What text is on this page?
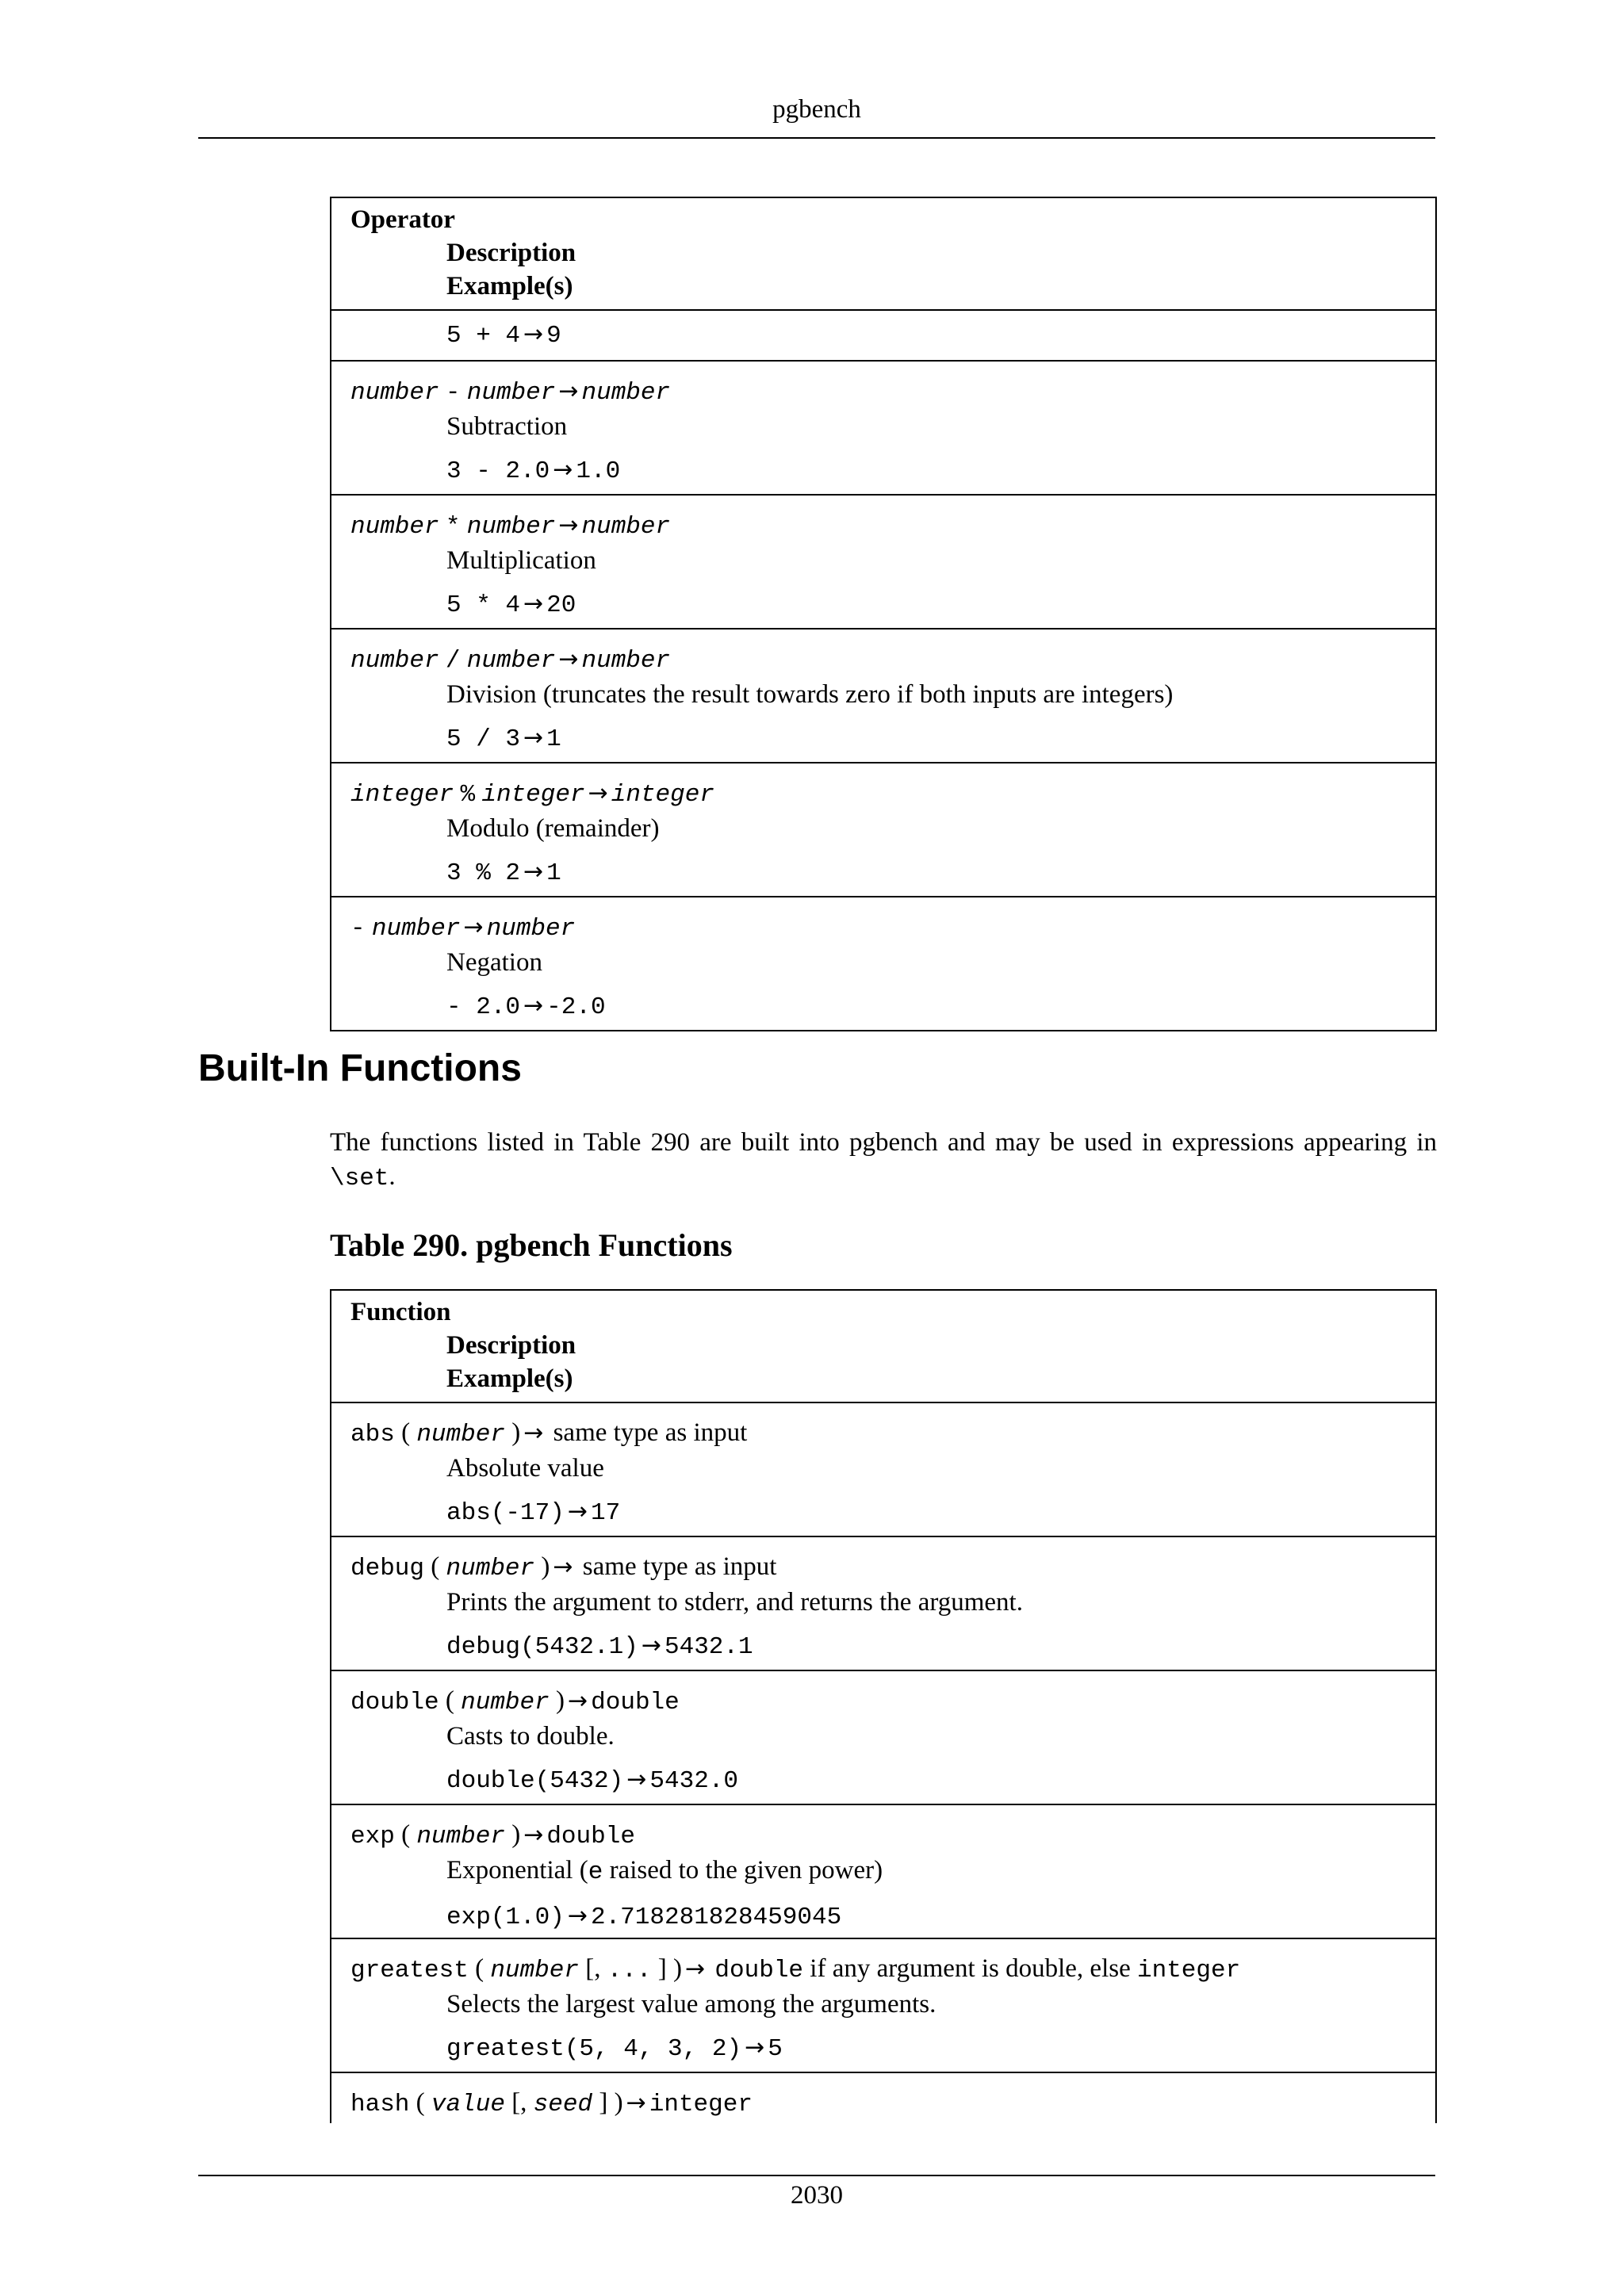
pgbench
Operator
Description
Example(s)

5 + 4 → 9

number - number → number
Subtraction
3 - 2.0 → 1.0

number * number → number
Multiplication
5 * 4 → 20

number / number → number
Division (truncates the result towards zero if both inputs are integers)
5 / 3 → 1

integer % integer → integer
Modulo (remainder)
3 % 2 → 1

- number → number
Negation
- 2.0 → -2.0
Built-In Functions

The functions listed in Table 290 are built into pgbench and may be used in expressions appearing in \set.

Table 290. pgbench Functions
Function
Description
Example(s)

abs ( number ) → same type as input
Absolute value
abs(-17) → 17

debug ( number ) → same type as input
Prints the argument to stderr, and returns the argument.
debug(5432.1) → 5432.1

double ( number ) → double
Casts to double.
double(5432) → 5432.0

exp ( number ) → double
Exponential (e raised to the given power)
exp(1.0) → 2.718281828459045

greatest ( number [, ... ] ) → double if any argument is double, else integer
Selects the largest value among the arguments.
greatest(5, 4, 3, 2) → 5

hash ( value [, seed ] ) → integer
2030
